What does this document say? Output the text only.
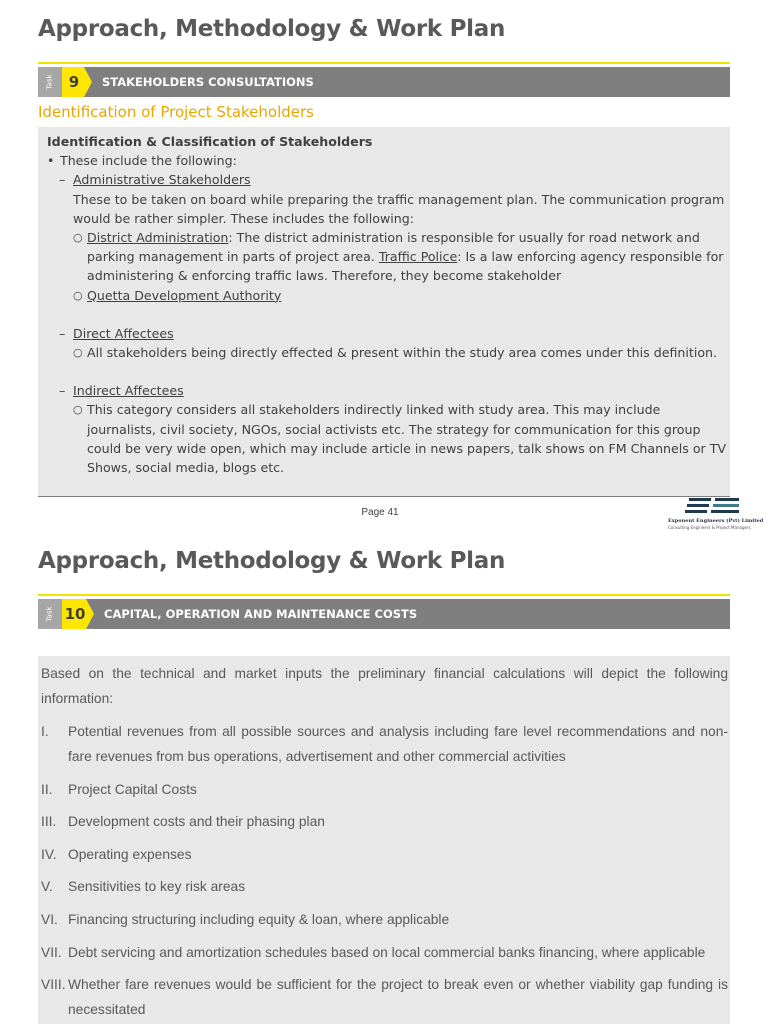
Approach, Methodology & Work Plan
Task 9	STAKEHOLDERS CONSULTATIONS
Identification of Project Stakeholders
Identification & Classification of Stakeholders
• These include the following:
– Administrative Stakeholders
These to be taken on board while preparing the traffic management plan. The communication program would be rather simpler. These includes the following:
○ District Administration: The district administration is responsible for usually for road network and parking management in parts of project area. Traffic Police: Is a law enforcing agency responsible for administering & enforcing traffic laws. Therefore, they become stakeholder
○ Quetta Development Authority
– Direct Affectees
○ All stakeholders being directly effected & present within the study area comes under this definition.
– Indirect Affectees
○ This category considers all stakeholders indirectly linked with study area. This may include journalists, civil society, NGOs, social activists etc. The strategy for communication for this group could be very wide open, which may include article in news papers, talk shows on FM Channels or TV Shows, social media, blogs etc.
Page 41
Exponent Engineers (Pvt) Limited
Consulting Engineers & Project Managers
Approach, Methodology & Work Plan
Task 10 CAPITAL, OPERATION AND MAINTENANCE COSTS
Based on the technical and market inputs the preliminary financial calculations will depict the following information:
I.	Potential revenues from all possible sources and analysis including fare level recommendations and non-fare revenues from bus operations, advertisement and other commercial activities
II.	Project Capital Costs
III. Development costs and their phasing plan
IV. Operating expenses
V.	Sensitivities to key risk areas
VI. Financing structuring including equity & loan, where applicable
VII. Debt servicing and amortization schedules based on local commercial banks financing, where applicable
VIII. Whether fare revenues would be sufficient for the project to break even or whether viability gap funding is necessitated
